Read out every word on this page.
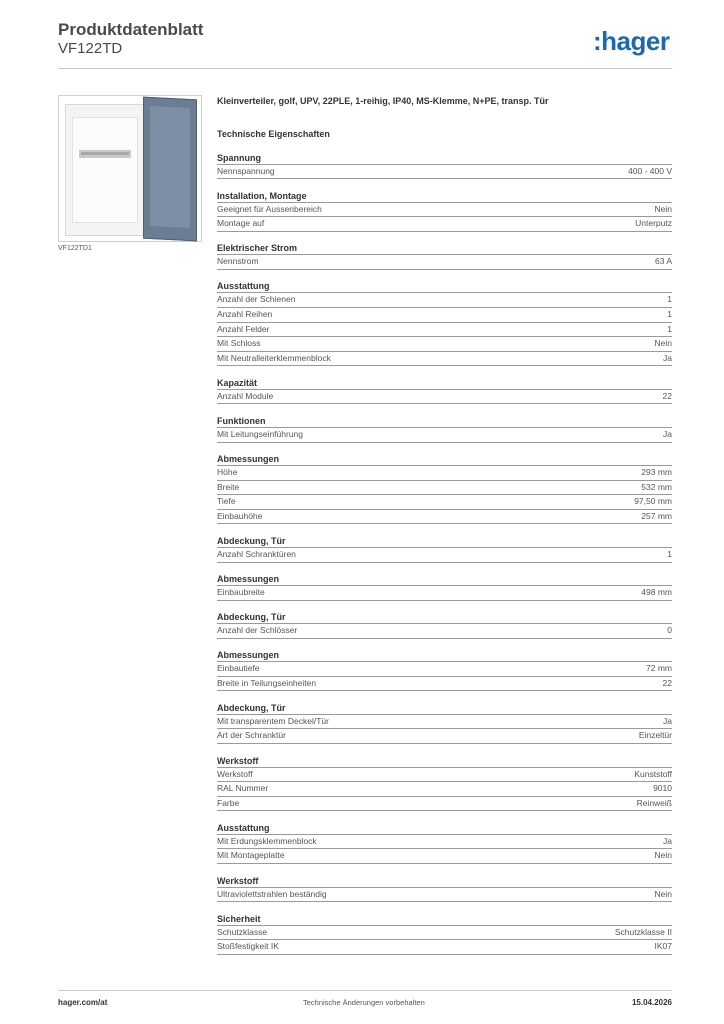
Produktdatenblatt
VF122TD	:hager
VF122TD1
Kleinverteiler, golf, UPV, 22PLE, 1-reihig, IP40, MS-Klemme, N+PE, transp. Tür
Technische Eigenschaften
Spannung
Nennspannung	400 - 400 V
Installation, Montage
Geeignet für Aussenbereich	Nein
Montage auf	Unterputz
Elektrischer Strom
Nennstrom	63 A
Ausstattung
Anzahl der Schienen	1
Anzahl Reihen	1
Anzahl Felder	1
Mit Schloss	Nein
Mit Neutralleiterklemmenblock	Ja
Kapazität
Anzahl Module	22
Funktionen
Mit Leitungseinführung	Ja
Abmessungen
Höhe	293 mm
Breite	532 mm
Tiefe	97,50 mm
Einbauhöhe	257 mm
Abdeckung, Tür
Anzahl Schranktüren	1
Abmessungen
Einbaubreite	498 mm
Abdeckung, Tür
Anzahl der Schlösser	0
Abmessungen
Einbautiefe	72 mm
Breite in Teilungseinheiten	22
Abdeckung, Tür
Mit transparentem Deckel/Tür	Ja
Art der Schranktür	Einzeltür
Werkstoff
Werkstoff	Kunststoff
RAL Nummer	9010
Farbe	Reinweiß
Ausstattung
Mit Erdungsklemmenblock	Ja
Mit Montageplatte	Nein
Werkstoff
Ultraviolettstrahlen beständig	Nein
Sicherheit
Schutzklasse	Schutzklasse II
Stoßfestigkeit IK	IK07
hager.com/at	Technische Änderungen vorbehalten	15.04.2026
